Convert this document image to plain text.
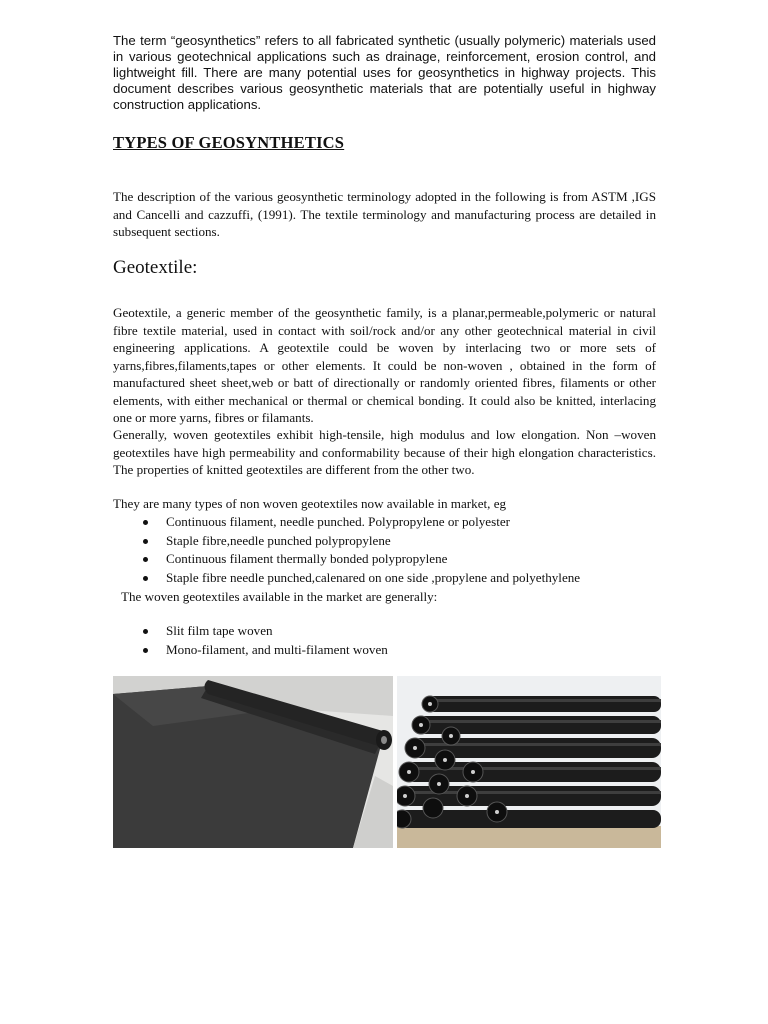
The term “geosynthetics” refers to all fabricated synthetic (usually polymeric) materials used in various geotechnical applications such as drainage, reinforcement, erosion control, and lightweight fill. There are many potential uses for geosynthetics in highway projects. This document describes various geosynthetic materials that are potentially useful in highway construction applications.

TYPES OF GEOSYNTHETICS

The description of the various geosynthetic terminology adopted in the following is from ASTM ,IGS and Cancelli and cazzuffi, (1991). The textile terminology and manufacturing process are detailed in subsequent sections.

Geotextile:

Geotextile, a generic member of the geosynthetic family, is a planar,permeable,polymeric or natural fibre textile material, used in contact with soil/rock and/or any other geotechnical material in civil engineering applications. A geotextile could be woven by interlacing two or more sets of yarns,fibres,filaments,tapes or other elements. It could be non-woven , obtained in the form of manufactured sheet sheet,web or batt of directionally or randomly oriented fibres, filaments or other elements, with either mechanical or thermal or chemical bonding. It could also be knitted, interlacing one or more yarns, fibres or filamants.

Generally, woven geotextiles exhibit high-tensile, high modulus and low elongation. Non –woven geotextiles have high permeability and conformability because of their high elongation characteristics. The properties of knitted geotextiles are different from the other two.

They are many types of non woven geotextiles now available in market, eg

Continuous filament, needle punched. Polypropylene or polyester
Staple fibre,needle punched polypropylene
Continuous filament thermally bonded polypropylene
Staple fibre needle punched,calenared on one side ,propylene and polyethylene

The woven geotextiles available in the market are generally:

Slit film tape woven
Mono-filament, and multi-filament woven
